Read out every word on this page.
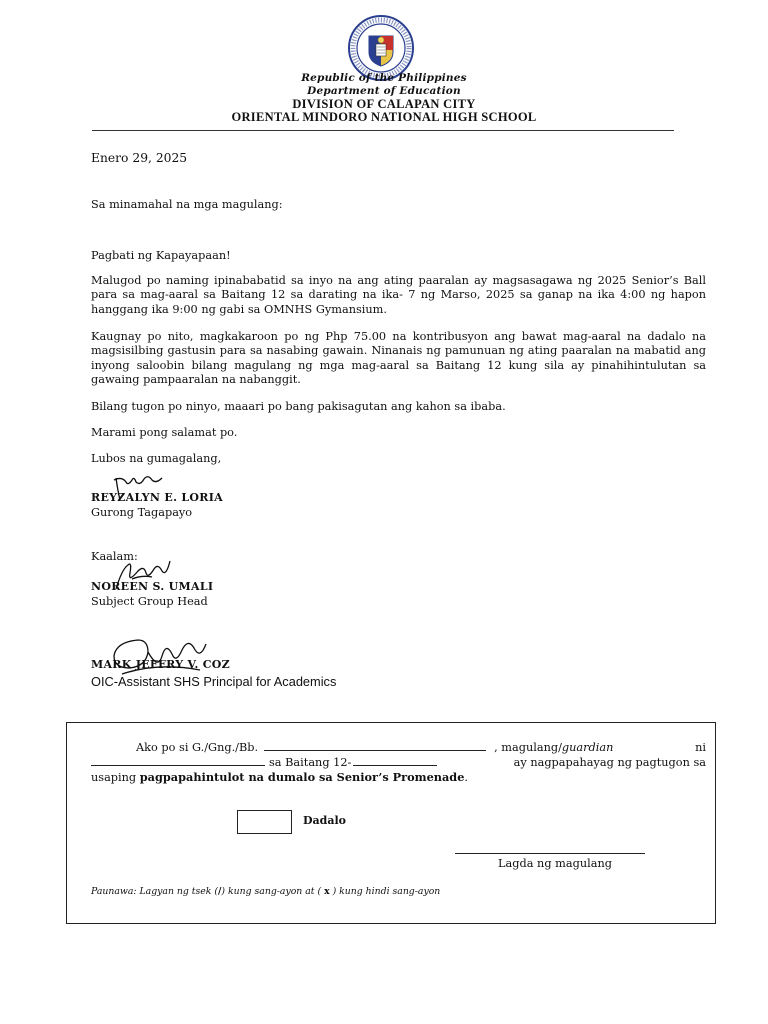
Republic of the Philippines
Department of Education
DIVISION OF CALAPAN CITY
ORIENTAL MINDORO NATIONAL HIGH SCHOOL
Enero 29, 2025
Sa minamahal na mga magulang:
Pagbati ng Kapayapaan!

Malugod po naming ipinababatid sa inyo na ang ating paaralan ay magsasagawa ng 2025 Senior’s Ball para sa mag-aaral sa Baitang 12 sa darating na ika- 7 ng Marso, 2025 sa ganap na ika 4:00 ng hapon hanggang ika 9:00 ng gabi sa OMNHS Gymansium.

Kaugnay po nito, magkakaroon po ng Php 75.00 na kontribusyon ang bawat mag-aaral na dadalo na magsisilbing gastusin para sa nasabing gawain. Ninanais ng pamunuan ng ating paaralan na mabatid ang inyong saloobin bilang magulang ng mga mag-aaral sa Baitang 12 kung sila ay pinahihintulutan sa gawaing pampaaralan na nabanggit.

Bilang tugon po ninyo, maaari po bang pakisagutan ang kahon sa ibaba.
Marami pong salamat po.
Lubos na gumagalang,
REYZALYN E. LORIA
Gurong Tagapayo
Kaalam:
NOREEN S. UMALI
Subject Group Head
MARK JEFFRY V. COZ
OIC-Assistant SHS Principal for Academics
Ako po si G./Gng./Bb.	, magulang/ guardian	ni
sa Baitang 12-	ay nagpapahayag ng pagtugon sa
usaping pagpapahintulot na dumalo sa Senior’s Promenade.
Dadalo
Lagda ng magulang
Paunawa: Lagyan ng tsek (/) kung sang-ayon at ( x ) kung hindi sang-ayon
